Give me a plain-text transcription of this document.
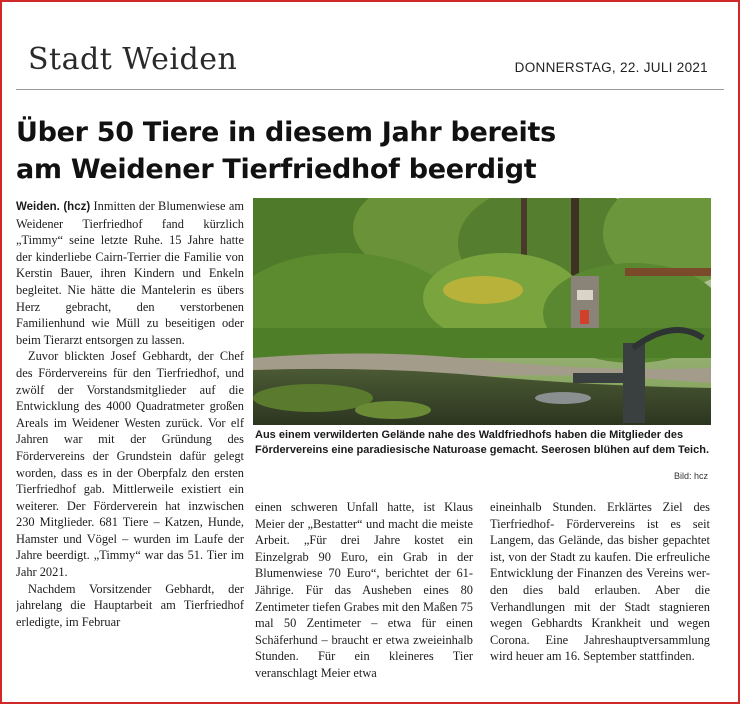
Stadt Weiden	DONNERSTAG, 22. JULI 2021
Über 50 Tiere in diesem Jahr bereits
am Weidener Tierfriedhof beerdigt

Weiden. (hcz) Inmitten der Blumenwiese am Weidener Tierfriedhof fand kürzlich „Timmy“ seine letzte Ruhe. 15 Jahre hatte der kinderliebe Cairn-Terrier die Familie von Kerstin Bauer, ihren Kindern und Enkeln begleitet. Nie hätte die Mantelerin es übers Herz gebracht, den verstorbenen Familienhund wie Müll zu beseitigen oder beim Tierarzt entsorgen zu lassen.

Zuvor blickten Josef Gebhardt, der Chef des Fördervereins für den Tierfriedhof, und zwölf der Vorstandsmitglieder auf die Entwicklung des 4000 Quadratmeter großen Areals im Weidener Westen zurück. Vor elf Jahren war mit der Gründung des Fördervereins der Grundstein dafür gelegt worden, dass es in der Oberpfalz den ersten Tierfriedhof gab. Mittlerweile existiert ein weiterer. Der Förderverein hat inzwischen 230 Mitglieder. 681 Tiere – Katzen, Hunde, Hamster und Vögel – wurden im Laufe der Jahre beerdigt. „Timmy“ war das 51. Tier im Jahr 2021.

Nachdem Vorsitzender Gebhardt, der jahrelang die Hauptarbeit am Tierfriedhof erledigte, im Februar

Aus einem verwilderten Gelände nahe des Waldfriedhofs haben die Mitglieder des Fördervereins eine paradiesische Naturoase gemacht. Seerosen blühen auf dem Teich.
Bild: hcz

einen schweren Unfall hatte, ist Klaus Meier der „Bestatter“ und macht die meiste Arbeit. „Für drei Jahre kostet ein Einzelgrab 90 Euro, ein Grab in der Blumenwiese 70 Euro“, berichtet der 61-Jährige. Für das Ausheben eines 80 Zentimeter tiefen Grabes mit den Maßen 75 mal 50 Zentimeter – etwa für einen Schäferhund – braucht er etwa zweieinhalb Stunden. Für ein kleineres Tier veranschlagt Meier etwa

eineinhalb Stunden. Erklärtes Ziel des Tierfriedhof- Fördervereins ist es seit Langem, das Gelände, das bisher gepachtet ist, von der Stadt zu kaufen. Die erfreuliche Entwicklung der Finanzen des Vereins werden dies bald erlauben. Aber die Verhandlungen mit der Stadt stagnieren wegen Gebhardts Krankheit und wegen Corona. Eine Jahreshauptversammlung wird heuer am 16. September stattfinden.
